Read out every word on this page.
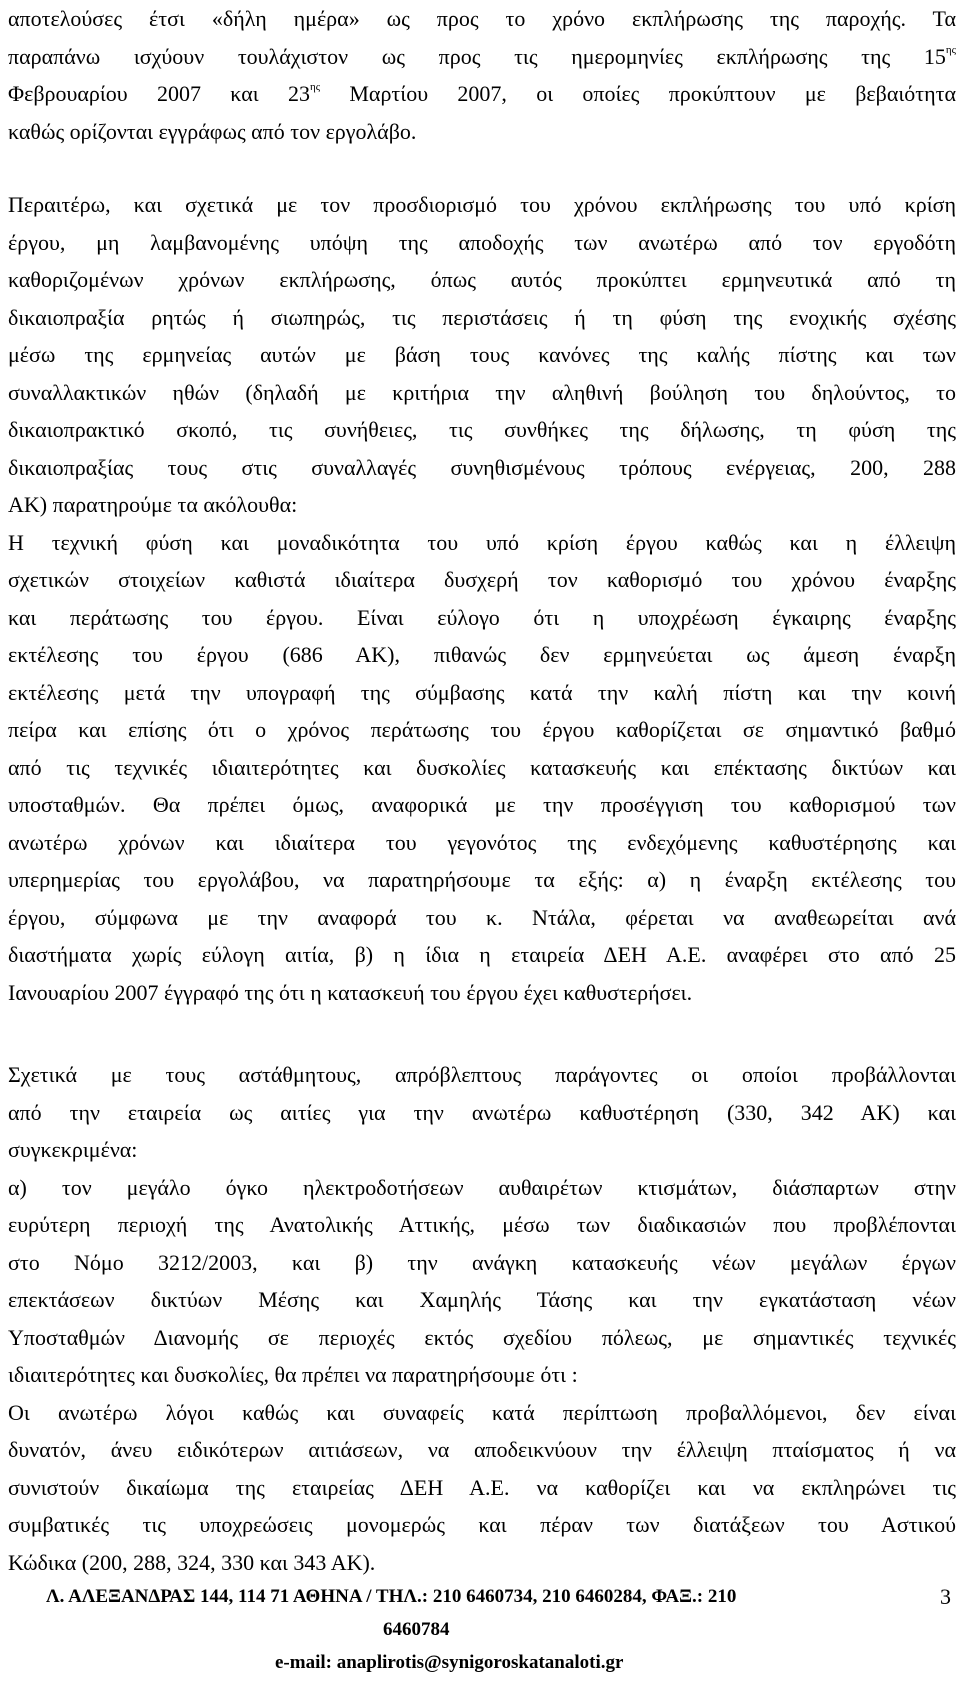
αποτελούσες έτσι «δήλη ημέρα» ως προς το χρόνο εκπλήρωσης της παροχής. Τα
παραπάνω ισχύουν τουλάχιστον ως προς τις ημερομηνίες εκπλήρωσης της $15^{\eta\varsigma}$
Φεβρουαρίου 2007 και $23^{\eta\varsigma}$ Μαρτίου 2007, οι οποίες προκύπτουν με βεβαιότητα
καθώς ορίζονται εγγράφως από τον εργολάβο.
Περαιτέρω, και σχετικά με τον προσδιορισμό του χρόνου εκπλήρωσης του υπό κρίση
έργου, μη λαμβανομένης υπόψη της αποδοχής των ανωτέρω από τον εργοδότη
καθοριζομένων χρόνων εκπλήρωσης, όπως αυτός προκύπτει ερμηνευτικά από τη
δικαιοπραξία ρητώς ή σιωπηρώς, τις περιστάσεις ή τη φύση της ενοχικής σχέσης
μέσω της ερμηνείας αυτών με βάση τους κανόνες της καλής πίστης και των
συναλλακτικών ηθών (δηλαδή με κριτήρια την αληθινή βούληση του δηλούντος, το
δικαιοπρακτικό σκοπό, τις συνήθειες, τις συνθήκες της δήλωσης, τη φύση της
δικαιοπραξίας τους στις συναλλαγές συνηθισμένους τρόπους ενέργειας, 200, 288
ΑΚ) παρατηρούμε τα ακόλουθα:
Η τεχνική φύση και μοναδικότητα του υπό κρίση έργου καθώς και η έλλειψη
σχετικών στοιχείων καθιστά ιδιαίτερα δυσχερή τον καθορισμό του χρόνου έναρξης
και περάτωσης του έργου. Είναι εύλογο ότι η υποχρέωση έγκαιρης έναρξης
εκτέλεσης του έργου (686 ΑΚ), πιθανώς δεν ερμηνεύεται ως άμεση έναρξη
εκτέλεσης μετά την υπογραφή της σύμβασης κατά την καλή πίστη και την κοινή
πείρα και επίσης ότι ο χρόνος περάτωσης του έργου καθορίζεται σε σημαντικό βαθμό
από τις τεχνικές ιδιαιτερότητες και δυσκολίες κατασκευής και επέκτασης δικτύων και
υποσταθμών. Θα πρέπει όμως, αναφορικά με την προσέγγιση του καθορισμού των
ανωτέρω χρόνων και ιδιαίτερα του γεγονότος της ενδεχόμενης καθυστέρησης και
υπερημερίας του εργολάβου, να παρατηρήσουμε τα εξής: α) η έναρξη εκτέλεσης του
έργου, σύμφωνα με την αναφορά του κ. Ντάλα, φέρεται να αναθεωρείται ανά
διαστήματα χωρίς εύλογη αιτία, β) η ίδια η εταιρεία ΔΕΗ Α.Ε. αναφέρει στο από 25
Ιανουαρίου 2007 έγγραφό της ότι η κατασκευή του έργου έχει καθυστερήσει.
Σχετικά με τους αστάθμητους, απρόβλεπτους παράγοντες οι οποίοι προβάλλονται
από την εταιρεία ως αιτίες για την ανωτέρω καθυστέρηση (330, 342 ΑΚ) και
συγκεκριμένα:
α) τον μεγάλο όγκο ηλεκτροδοτήσεων αυθαιρέτων κτισμάτων, διάσπαρτων στην
ευρύτερη περιοχή της Ανατολικής Αττικής, μέσω των διαδικασιών που προβλέπονται
στο Νόμο 3212/2003, και β) την ανάγκη κατασκευής νέων μεγάλων έργων
επεκτάσεων δικτύων Μέσης και Χαμηλής Τάσης και την εγκατάσταση νέων
Υποσταθμών Διανομής σε περιοχές εκτός σχεδίου πόλεως, με σημαντικές τεχνικές
ιδιαιτερότητες και δυσκολίες, θα πρέπει να παρατηρήσουμε ότι :
Οι ανωτέρω λόγοι καθώς και συναφείς κατά περίπτωση προβαλλόμενοι, δεν είναι
δυνατόν, άνευ ειδικότερων αιτιάσεων, να αποδεικνύουν την έλλειψη πταίσματος ή να
συνιστούν δικαίωμα της εταιρείας ΔΕΗ Α.Ε. να καθορίζει και να εκπληρώνει τις
συμβατικές τις υποχρεώσεις μονομερώς και πέραν των διατάξεων του Αστικού
Κώδικα (200, 288, 324, 330 και 343 ΑΚ).
Λ. ΑΛΕΞΑΝΔΡΑΣ 144, 114 71 ΑΘΗΝΑ / ΤΗΛ.: 210 6460734, 210 6460284, ΦΑΞ.: 210
6460784
e-mail: anaplirotis@synigoroskatanaloti.gr
3
